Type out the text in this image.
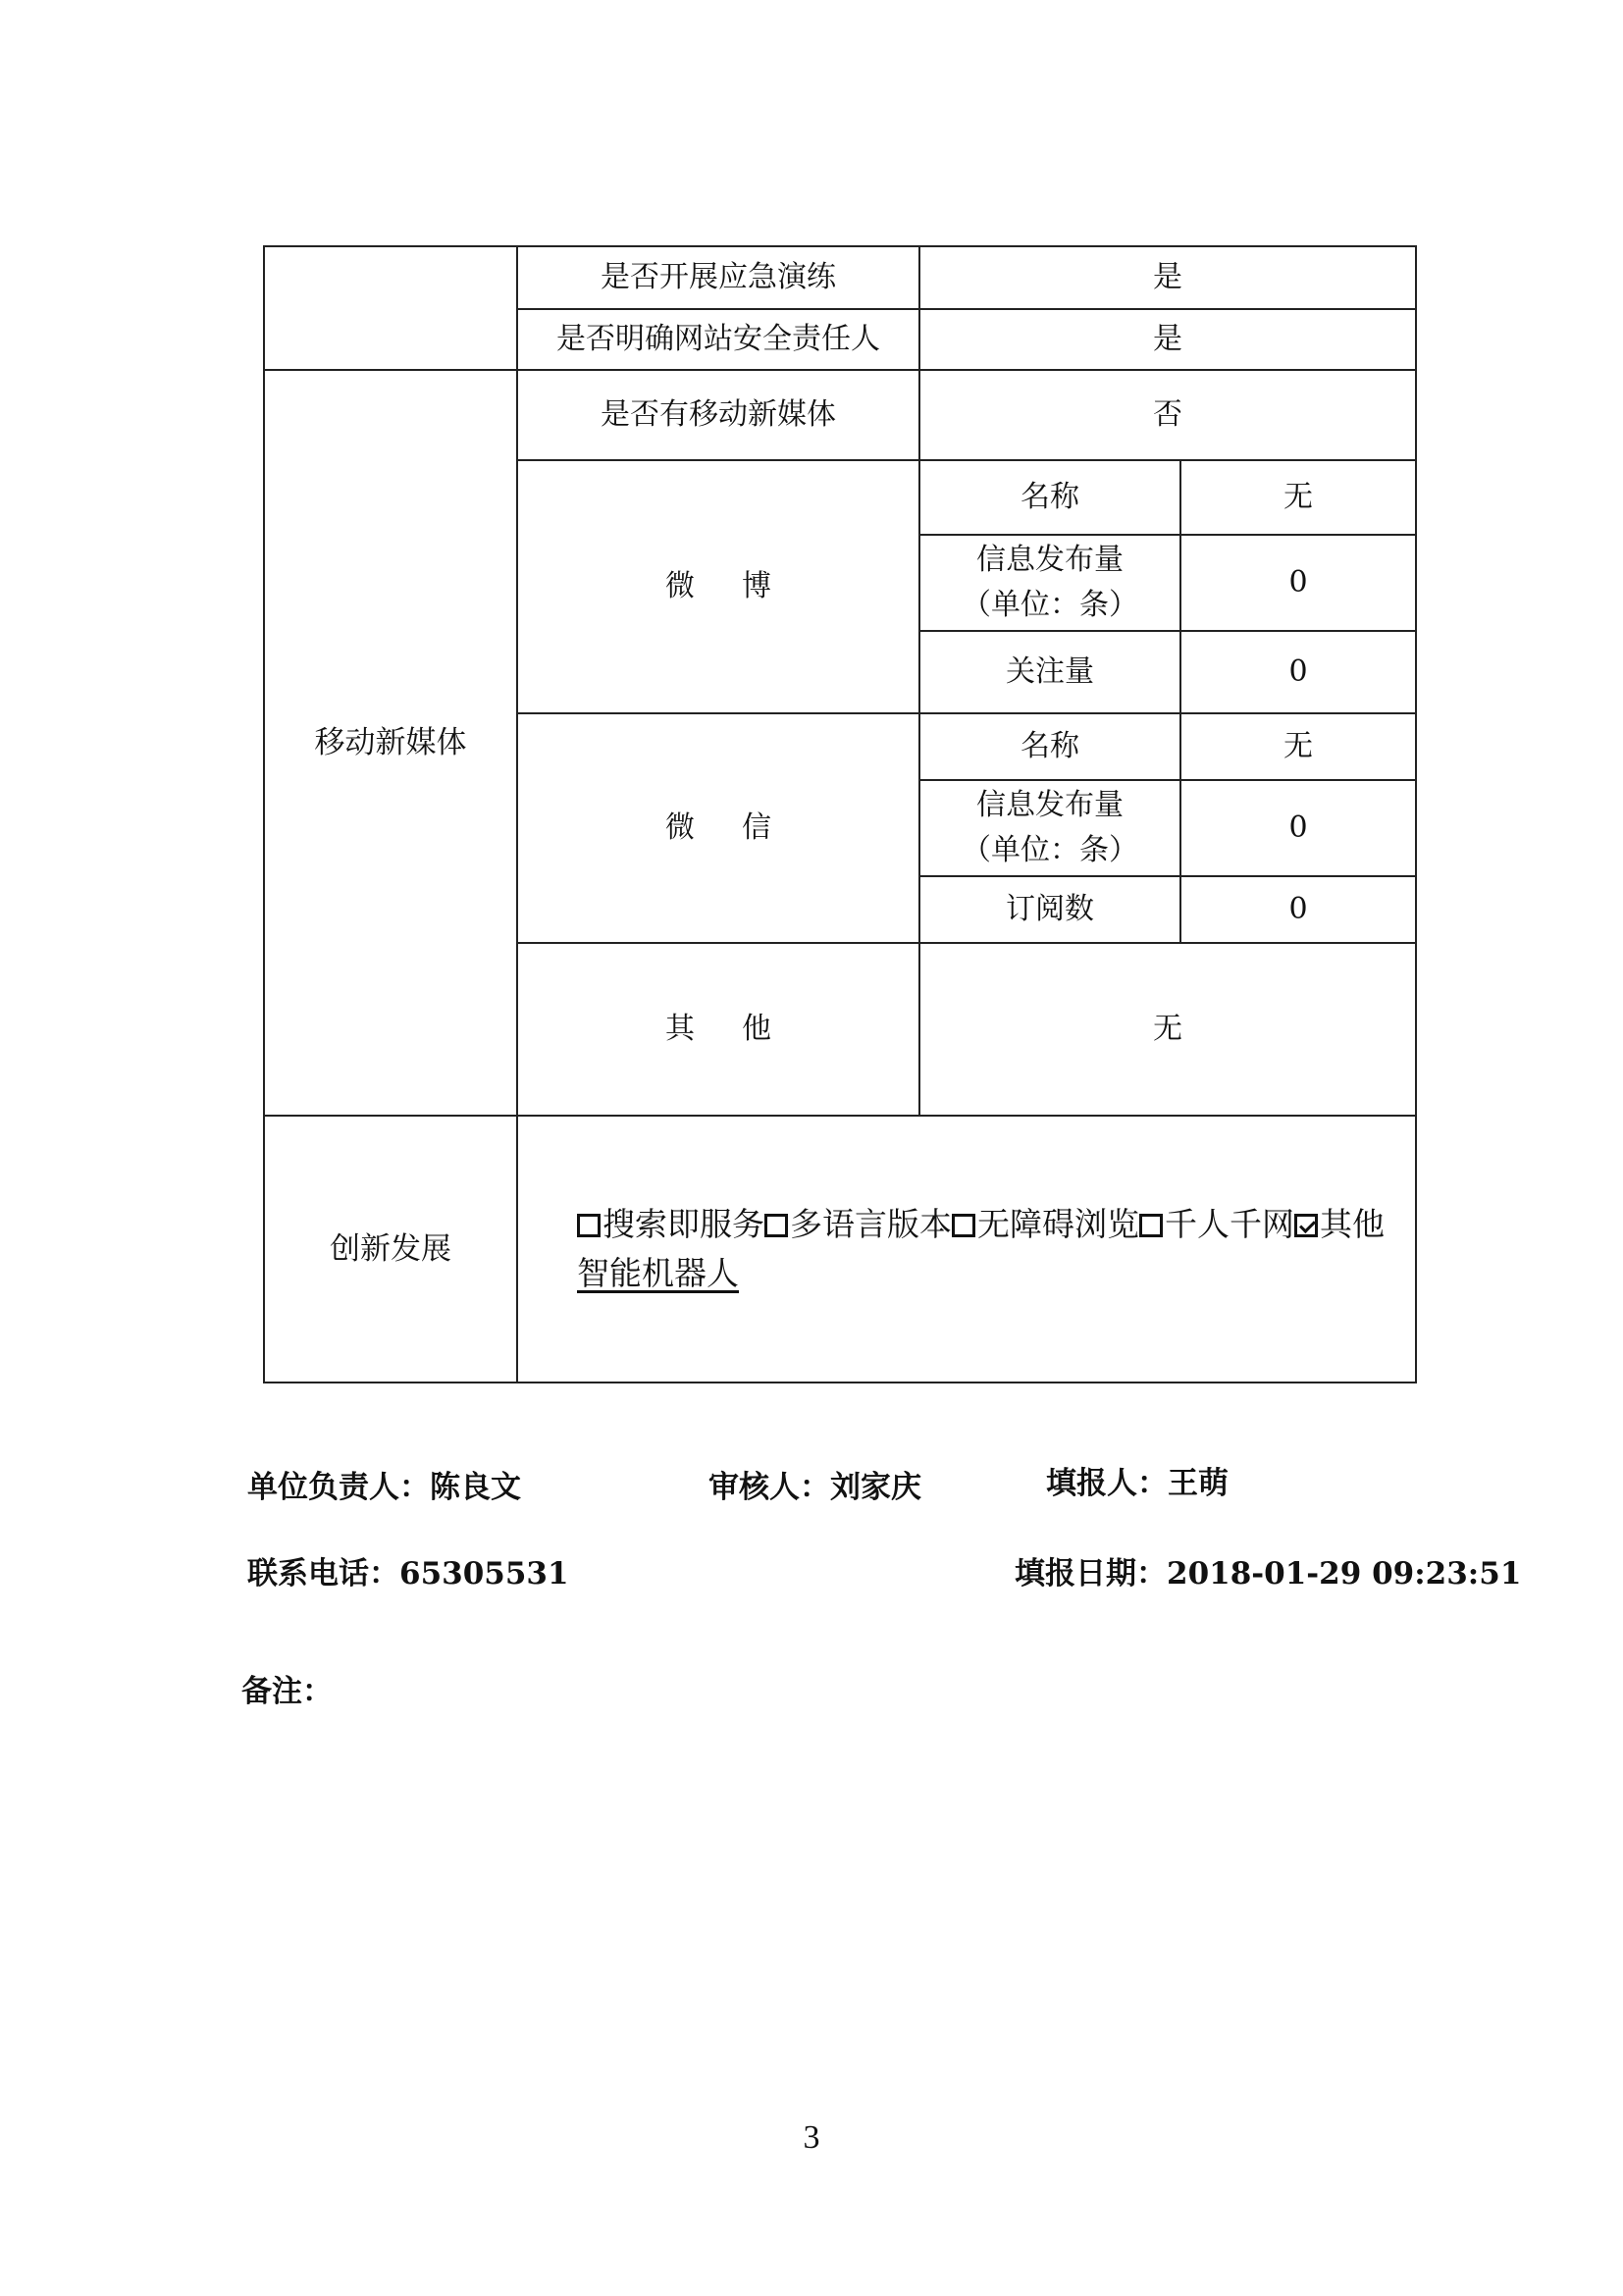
	是否开展应急演练	是	
	是否明确网站安全责任人	是	
移动新媒体	是否有移动新媒体	否	
	微 博	名称	无

		信息发布量
（单位：条）	0
		关注量	0
	微 信	名称	无

		信息发布量
（单位：条）	0
		订阅数	0
	其 他	无	
创新发展	搜索即服务 多语言版本 无障碍浏览 千人千网 其他
智能机器人		
单位负责人：陈良文	审核人：刘家庆	填报人：王萌
联系电话：65305531	填报日期：2018-01-29 09:23:51
备注：
3
